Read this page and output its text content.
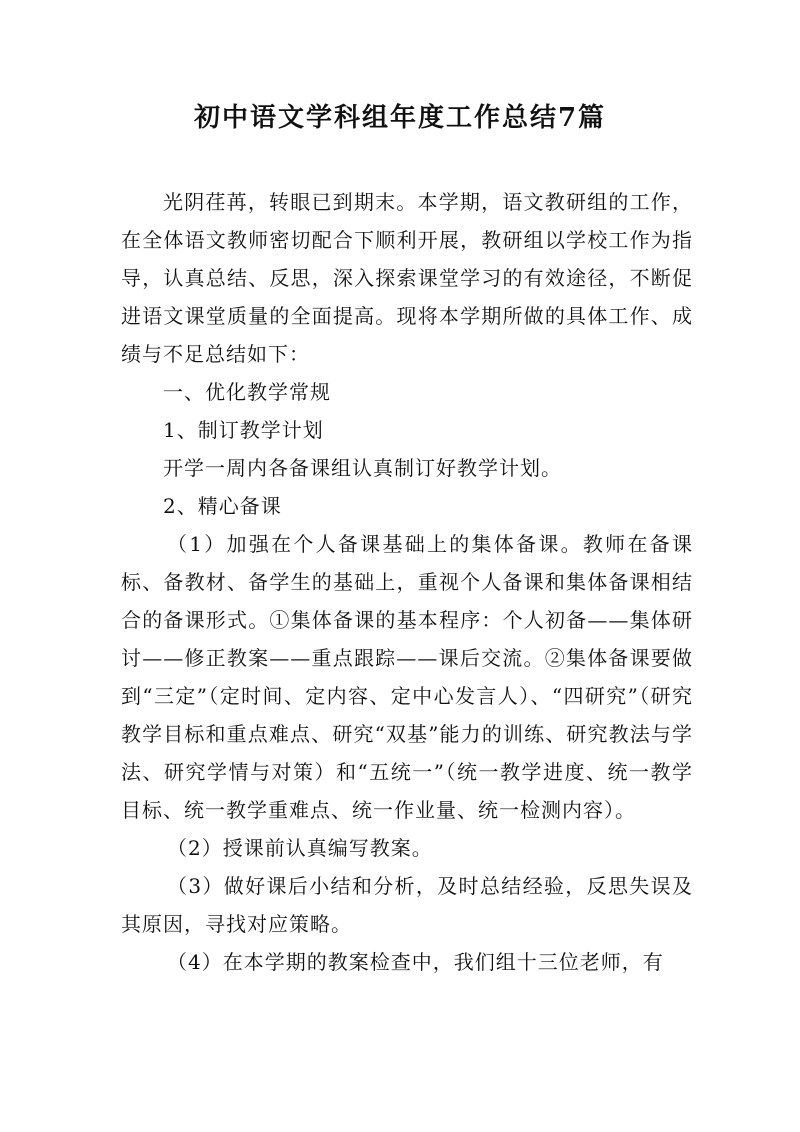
初中语文学科组年度工作总结7篇

光阴荏苒，转眼已到期末。本学期，语文教研组的工作，在全体语文教师密切配合下顺利开展，教研组以学校工作为指导，认真总结、反思，深入探索课堂学习的有效途径，不断促进语文课堂质量的全面提高。现将本学期所做的具体工作、成绩与不足总结如下：

一、优化教学常规

1、制订教学计划

开学一周内各备课组认真制订好教学计划。

2、精心备课

（1）加强在个人备课基础上的集体备课。教师在备课标、备教材、备学生的基础上，重视个人备课和集体备课相结合的备课形式。①集体备课的基本程序：个人初备——集体研讨——修正教案——重点跟踪——课后交流。②集体备课要做到“三定”（定时间、定内容、定中心发言人）、“四研究”（研究教学目标和重点难点、研究“双基”能力的训练、研究教法与学法、研究学情与对策）和“五统一”（统一教学进度、统一教学目标、统一教学重难点、统一作业量、统一检测内容）。

（2）授课前认真编写教案。

（3）做好课后小结和分析，及时总结经验，反思失误及其原因，寻找对应策略。

（4）在本学期的教案检查中，我们组十三位老师，有
